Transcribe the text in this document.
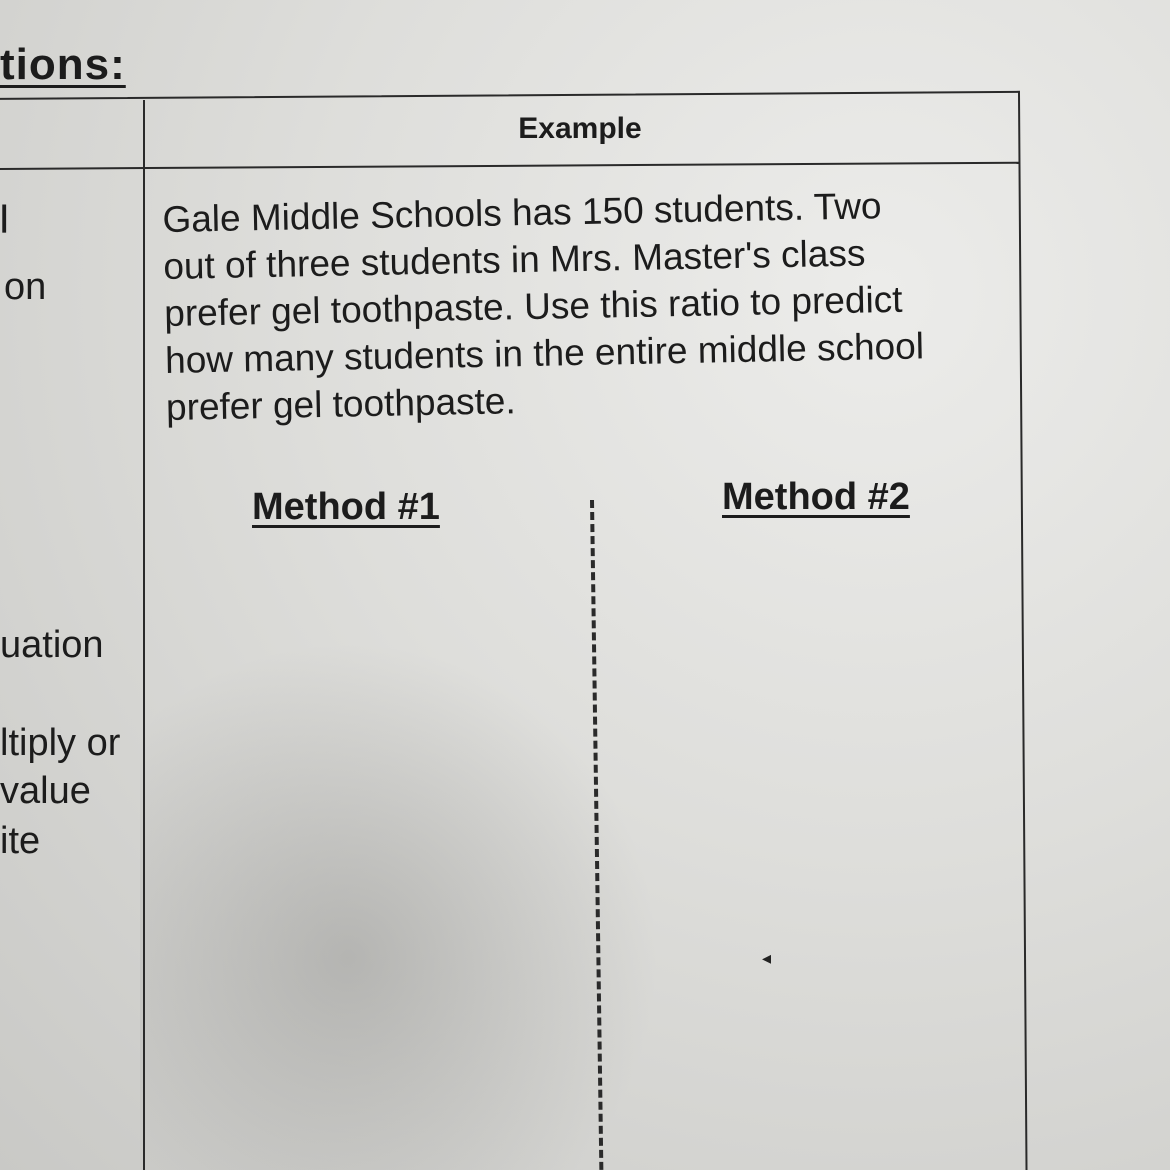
tions:
Example
Gale Middle Schools has 150 students. Two
out of three students in Mrs. Master's class
prefer gel toothpaste. Use this ratio to predict
how many students in the entire middle school
prefer gel toothpaste.
Method #1	Method #2
|
on
uation
ltiply or
value
ite
◂
